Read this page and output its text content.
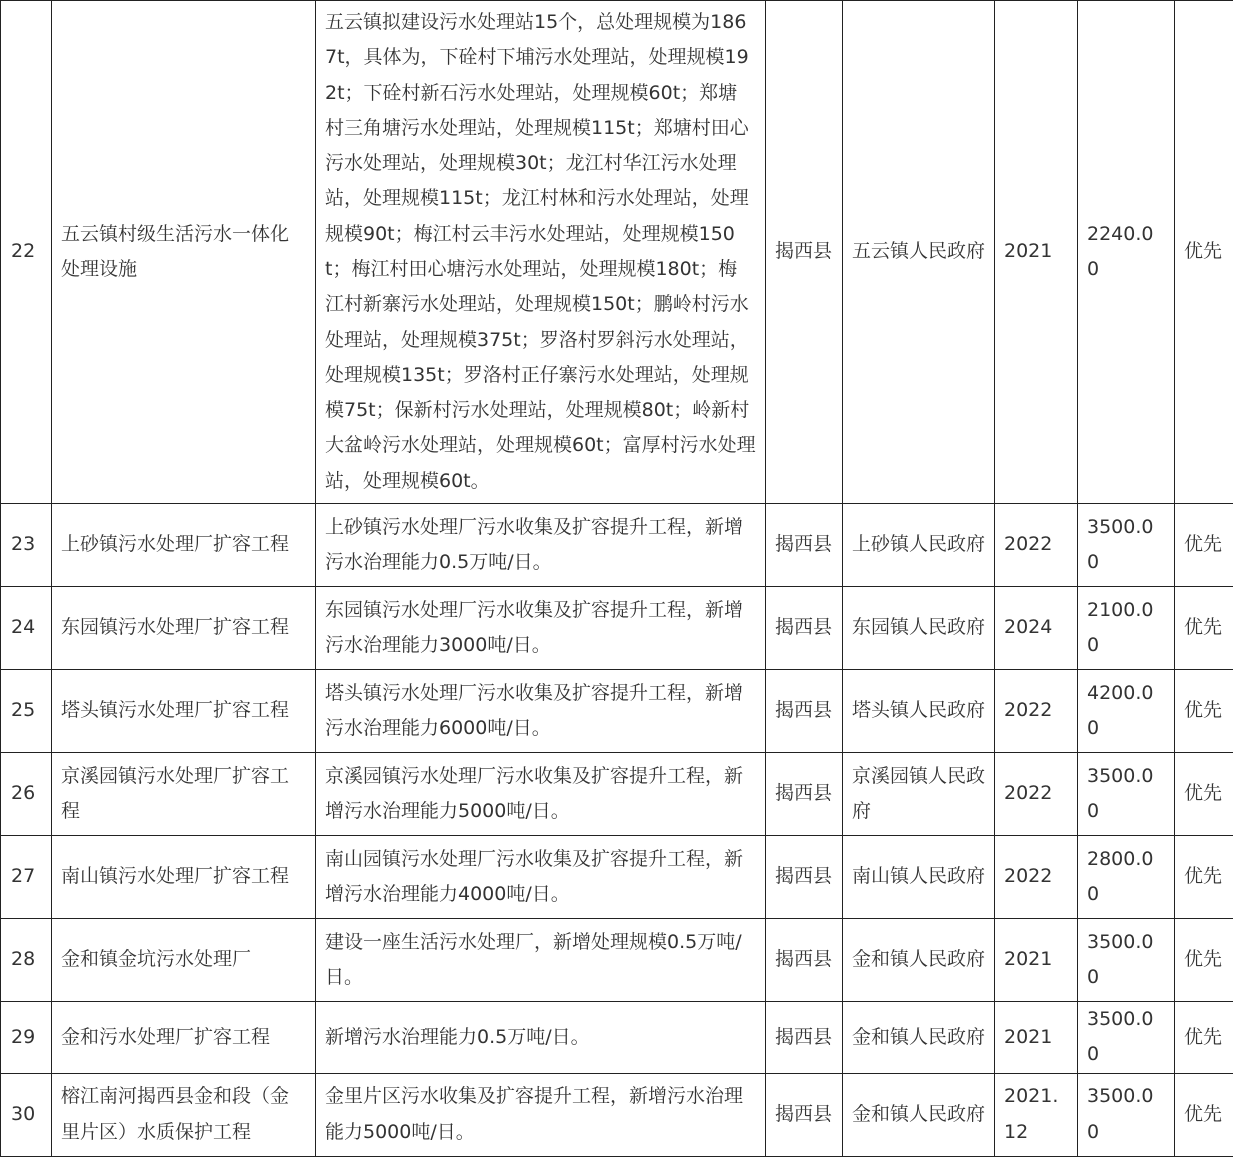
22	五云镇村级生活污水一体化处理设施	五云镇拟建设污水处理站15个，总处理规模为1867t，具体为，下硂村下埔污水处理站，处理规模192t；下硂村新石污水处理站，处理规模60t；郑塘村三角塘污水处理站，处理规模115t；郑塘村田心污水处理站，处理规模30t；龙江村华江污水处理站，处理规模115t；龙江村林和污水处理站，处理规模90t；梅江村云丰污水处理站，处理规模150t；梅江村田心塘污水处理站，处理规模180t；梅江村新寨污水处理站，处理规模150t；鹏岭村污水处理站，处理规模375t；罗洛村罗斜污水处理站，处理规模135t；罗洛村正仔寨污水处理站，处理规模75t；保新村污水处理站，处理规模80t；岭新村大盆岭污水处理站，处理规模60t；富厚村污水处理站，处理规模60t。	揭西县	五云镇人民政府	2021	2240.00	优先
23	上砂镇污水处理厂扩容工程	上砂镇污水处理厂污水收集及扩容提升工程，新增污水治理能力0.5万吨/日。	揭西县	上砂镇人民政府	2022	3500.00	优先
24	东园镇污水处理厂扩容工程	东园镇污水处理厂污水收集及扩容提升工程，新增污水治理能力3000吨/日。	揭西县	东园镇人民政府	2024	2100.00	优先
25	塔头镇污水处理厂扩容工程	塔头镇污水处理厂污水收集及扩容提升工程，新增污水治理能力6000吨/日。	揭西县	塔头镇人民政府	2022	4200.00	优先
26	京溪园镇污水处理厂扩容工程	京溪园镇污水处理厂污水收集及扩容提升工程，新增污水治理能力5000吨/日。	揭西县	京溪园镇人民政府	2022	3500.00	优先
27	南山镇污水处理厂扩容工程	南山园镇污水处理厂污水收集及扩容提升工程，新增污水治理能力4000吨/日。	揭西县	南山镇人民政府	2022	2800.00	优先
28	金和镇金坑污水处理厂	建设一座生活污水处理厂，新增处理规模0.5万吨/日。	揭西县	金和镇人民政府	2021	3500.00	优先
29	金和污水处理厂扩容工程	新增污水治理能力0.5万吨/日。	揭西县	金和镇人民政府	2021	3500.00	优先
30	榕江南河揭西县金和段（金里片区）水质保护工程	金里片区污水收集及扩容提升工程，新增污水治理能力5000吨/日。	揭西县	金和镇人民政府	2021.12	3500.00	优先
